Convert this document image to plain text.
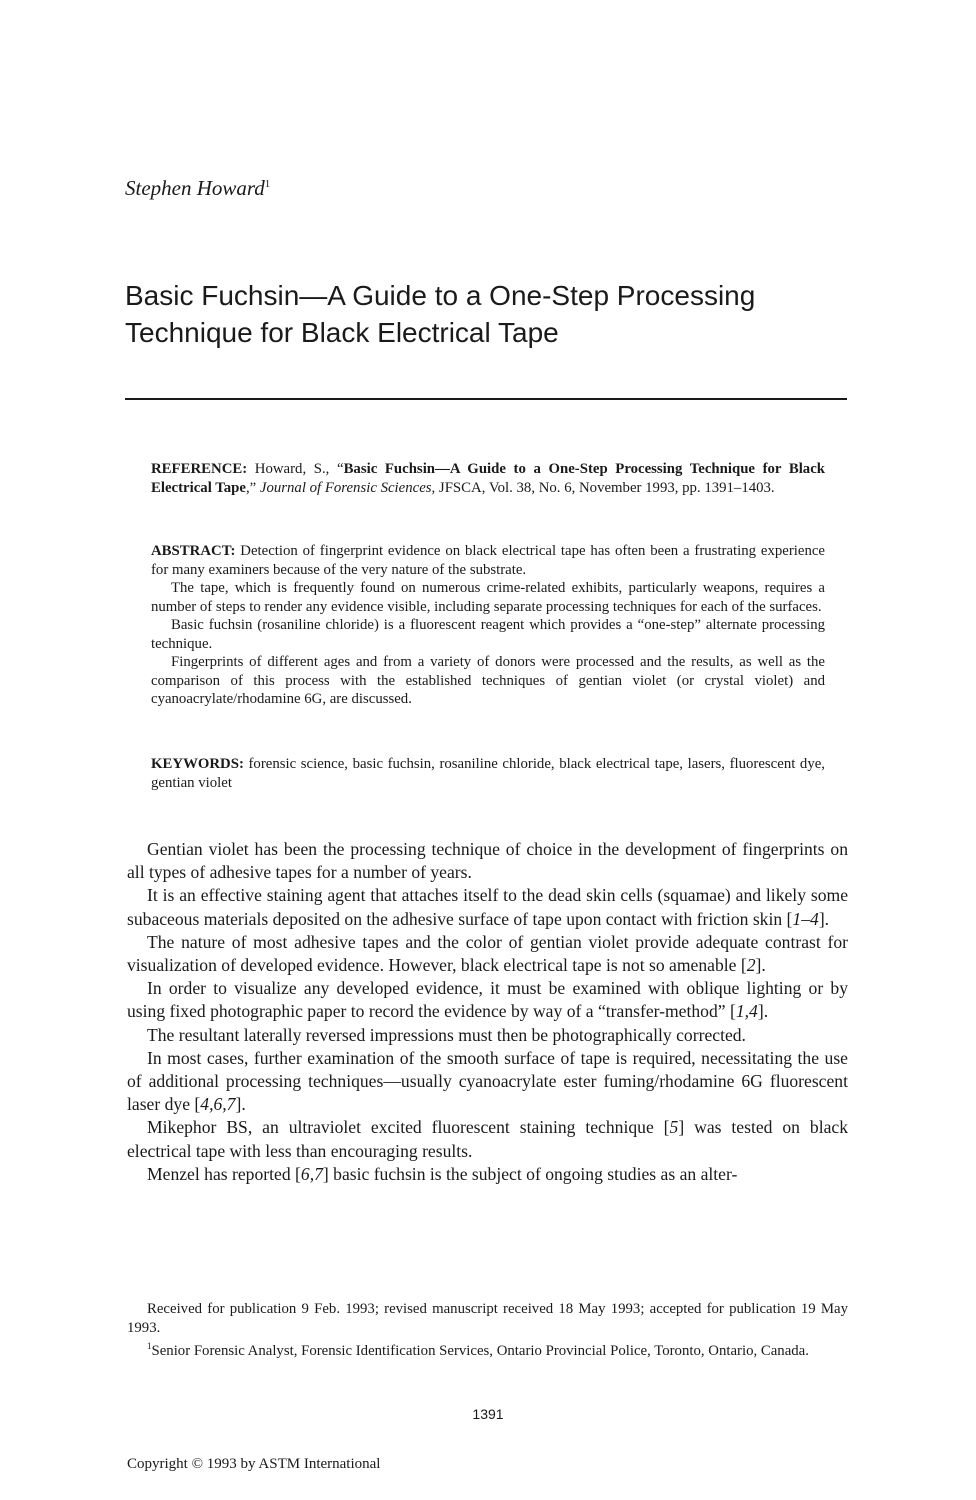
Stephen Howard$^1$
Basic Fuchsin—A Guide to a One-Step Processing Technique for Black Electrical Tape

REFERENCE: Howard, S., “Basic Fuchsin—A Guide to a One-Step Processing Technique for Black Electrical Tape,” Journal of Forensic Sciences, JFSCA, Vol. 38, No. 6, November 1993, pp. 1391–1403.

ABSTRACT: Detection of fingerprint evidence on black electrical tape has often been a frustrating experience for many examiners because of the very nature of the substrate.

The tape, which is frequently found on numerous crime-related exhibits, particularly weapons, requires a number of steps to render any evidence visible, including separate processing techniques for each of the surfaces.

Basic fuchsin (rosaniline chloride) is a fluorescent reagent which provides a “one-step” alternate processing technique.

Fingerprints of different ages and from a variety of donors were processed and the results, as well as the comparison of this process with the established techniques of gentian violet (or crystal violet) and cyanoacrylate/rhodamine 6G, are discussed.

KEYWORDS: forensic science, basic fuchsin, rosaniline chloride, black electrical tape, lasers, fluorescent dye, gentian violet

Gentian violet has been the processing technique of choice in the development of fingerprints on all types of adhesive tapes for a number of years.

It is an effective staining agent that attaches itself to the dead skin cells (squamae) and likely some subaceous materials deposited on the adhesive surface of tape upon contact with friction skin [1–4].

The nature of most adhesive tapes and the color of gentian violet provide adequate contrast for visualization of developed evidence. However, black electrical tape is not so amenable [2].

In order to visualize any developed evidence, it must be examined with oblique lighting or by using fixed photographic paper to record the evidence by way of a “transfer-method” [1,4].

The resultant laterally reversed impressions must then be photographically corrected.

In most cases, further examination of the smooth surface of tape is required, necessitating the use of additional processing techniques—usually cyanoacrylate ester fuming/rhodamine 6G fluorescent laser dye [4,6,7].

Mikephor BS, an ultraviolet excited fluorescent staining technique [5] was tested on black electrical tape with less than encouraging results.

Menzel has reported [6,7] basic fuchsin is the subject of ongoing studies as an alter-

Received for publication 9 Feb. 1993; revised manuscript received 18 May 1993; accepted for publication 19 May 1993.

$^1$Senior Forensic Analyst, Forensic Identification Services, Ontario Provincial Police, Toronto, Ontario, Canada.

1391
Copyright © 1993 by ASTM International
